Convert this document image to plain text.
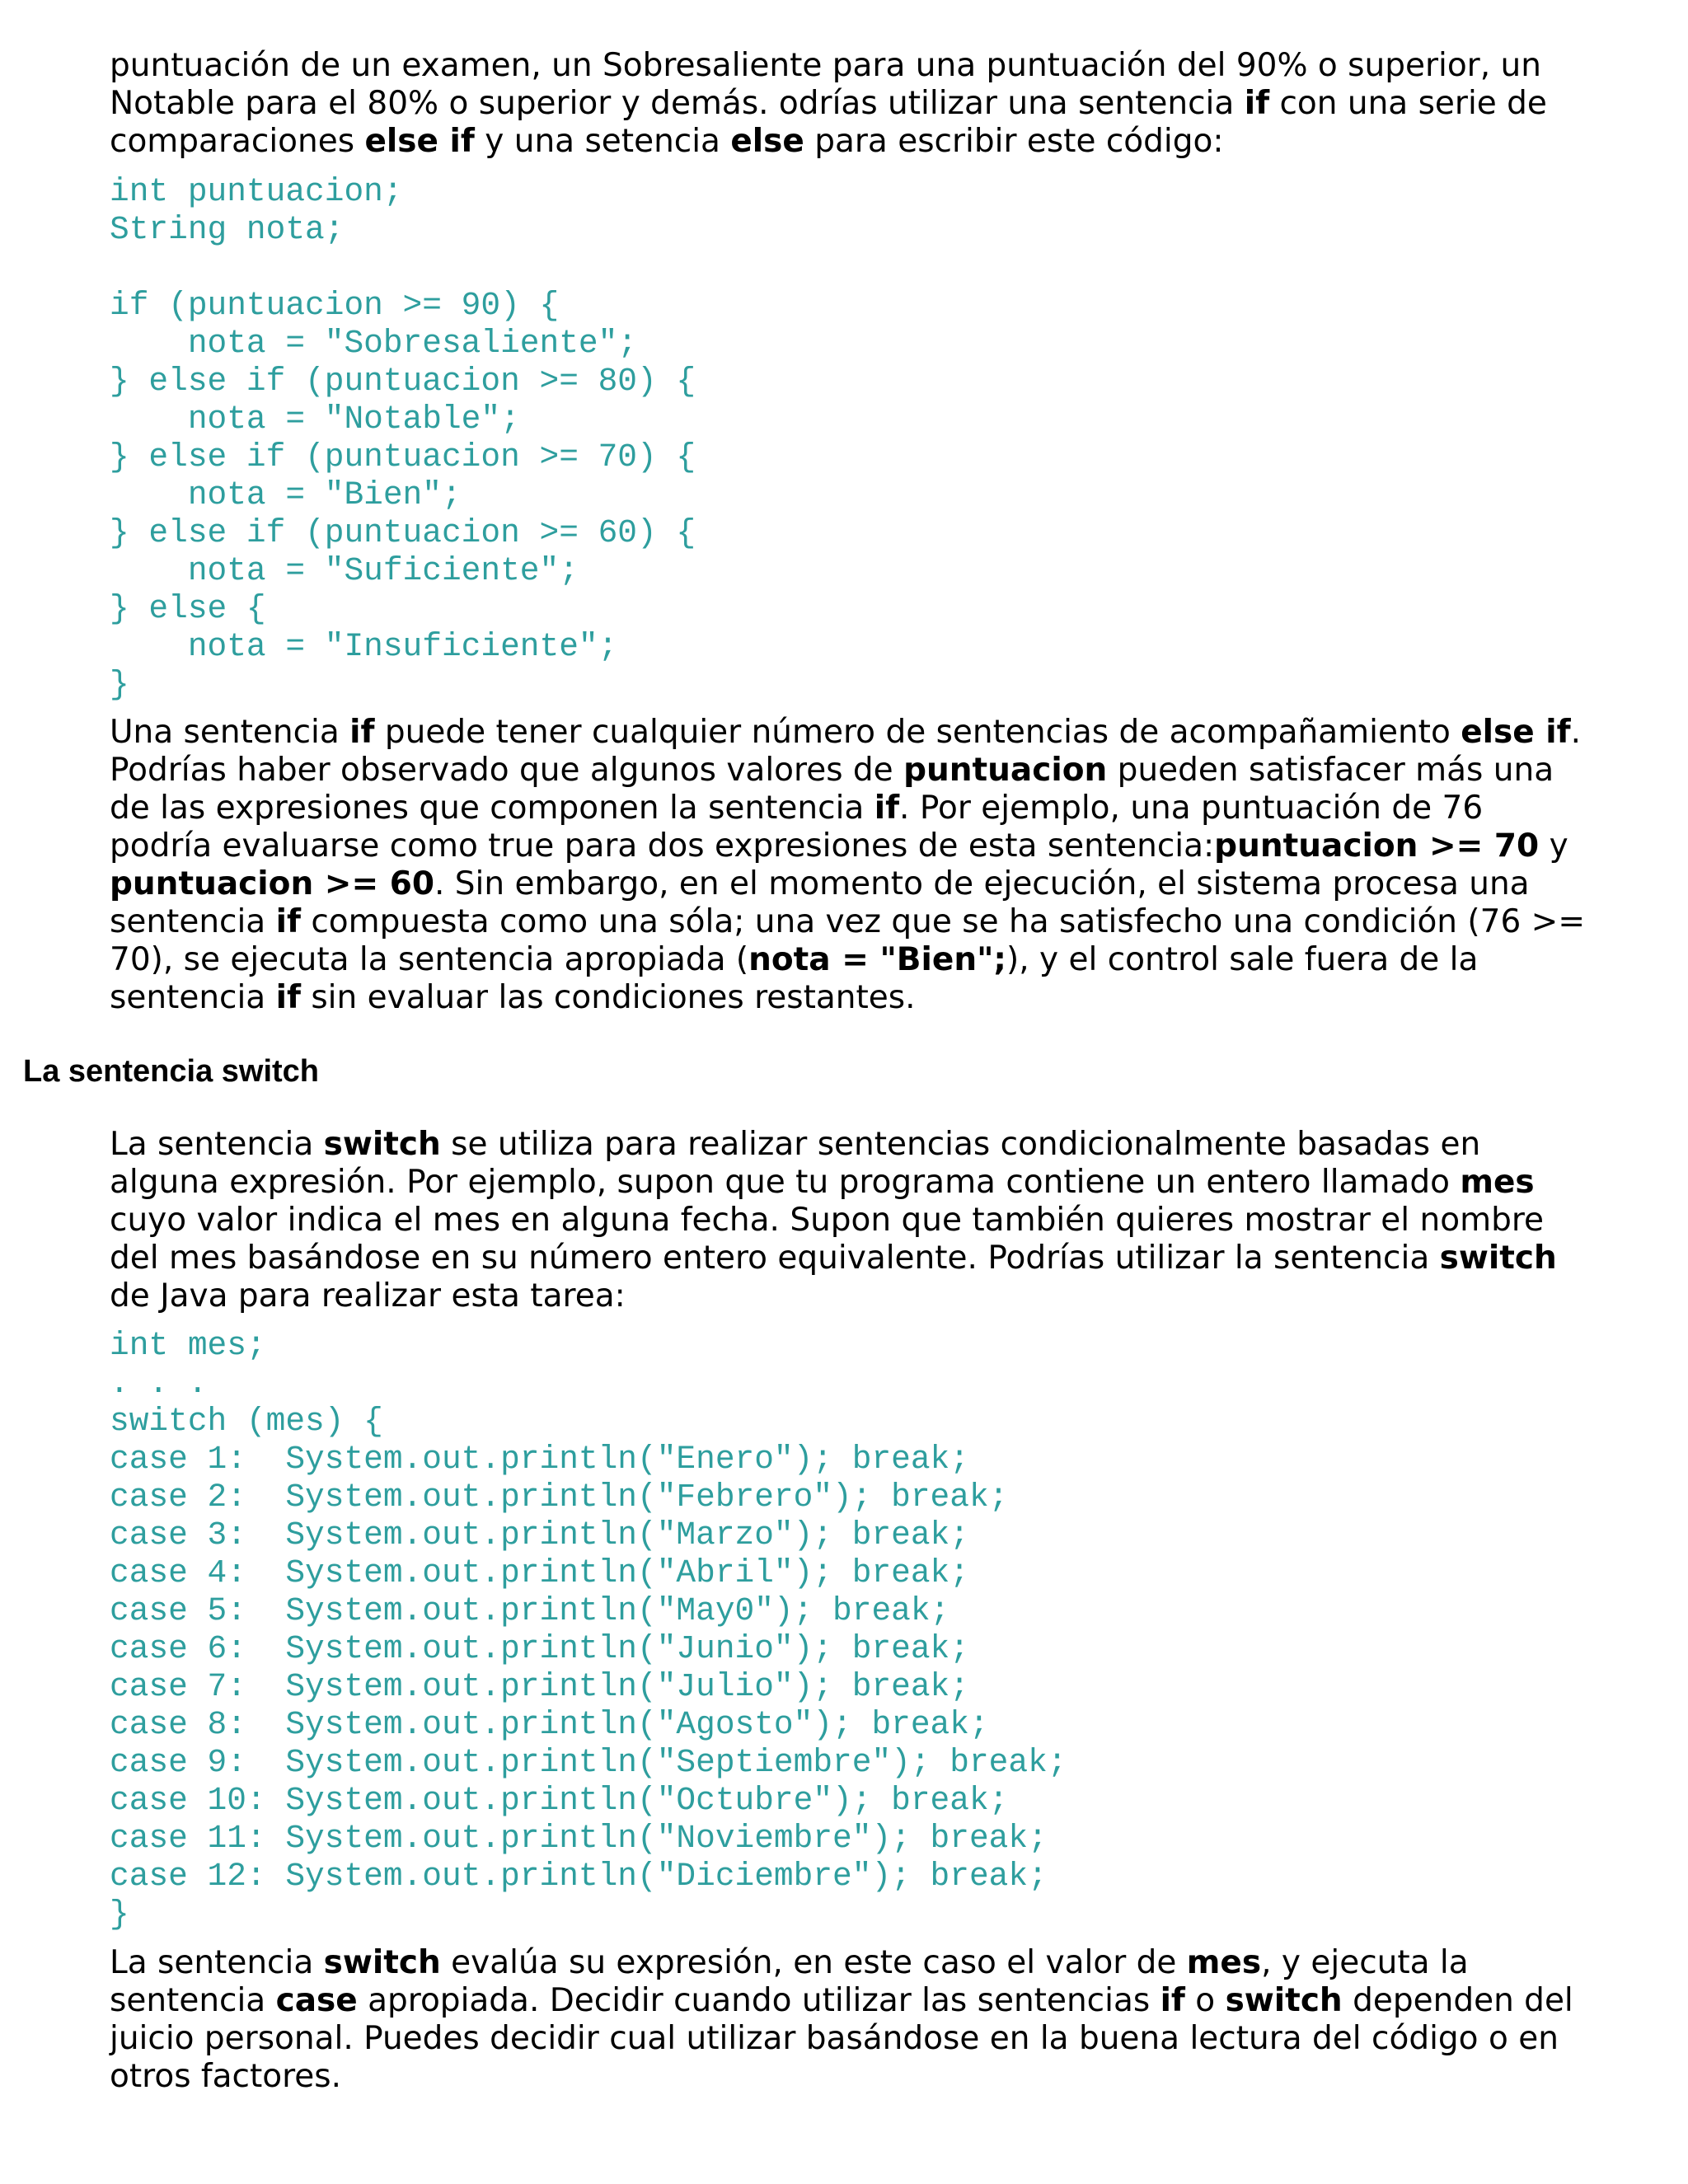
puntuación de un examen, un Sobresaliente para una puntuación del 90% o superior, un Notable para el 80% o superior y demás. odrías utilizar una sentencia if con una serie de comparaciones else if y una setencia else para escribir este código:

int puntuacion;
String nota;
if (puntuacion >= 90) {
nota = "Sobresaliente";
} else if (puntuacion >= 80) {
nota = "Notable";
} else if (puntuacion >= 70) {
nota = "Bien";
} else if (puntuacion >= 60) {
nota = "Suficiente";
} else {
nota = "Insuficiente";
}

Una sentencia if puede tener cualquier número de sentencias de acompañamiento else if. Podrías haber observado que algunos valores de puntuacion pueden satisfacer más una de las expresiones que componen la sentencia if. Por ejemplo, una puntuación de 76 podría evaluarse como true para dos expresiones de esta sentencia:puntuacion >= 70 y puntuacion >= 60. Sin embargo, en el momento de ejecución, el sistema procesa una sentencia if compuesta como una sóla; una vez que se ha satisfecho una condición (76 >= 70), se ejecuta la sentencia apropiada (nota = "Bien";), y el control sale fuera de la sentencia if sin evaluar las condiciones restantes.

La sentencia switch

La sentencia switch se utiliza para realizar sentencias condicionalmente basadas en alguna expresión. Por ejemplo, supon que tu programa contiene un entero llamado mes cuyo valor indica el mes en alguna fecha. Supon que también quieres mostrar el nombre del mes basándose en su número entero equivalente. Podrías utilizar la sentencia switch de Java para realizar esta tarea:

int mes;
. . .
switch (mes) {
case 1:  System.out.println("Enero"); break;
case 2:  System.out.println("Febrero"); break;
case 3:  System.out.println("Marzo"); break;
case 4:  System.out.println("Abril"); break;
case 5:  System.out.println("May0"); break;
case 6:  System.out.println("Junio"); break;
case 7:  System.out.println("Julio"); break;
case 8:  System.out.println("Agosto"); break;
case 9:  System.out.println("Septiembre"); break;
case 10: System.out.println("Octubre"); break;
case 11: System.out.println("Noviembre"); break;
case 12: System.out.println("Diciembre"); break;
}

La sentencia switch evalúa su expresión, en este caso el valor de mes, y ejecuta la sentencia case apropiada. Decidir cuando utilizar las sentencias if o switch dependen del juicio personal. Puedes decidir cual utilizar basándose en la buena lectura del código o en otros factores.
